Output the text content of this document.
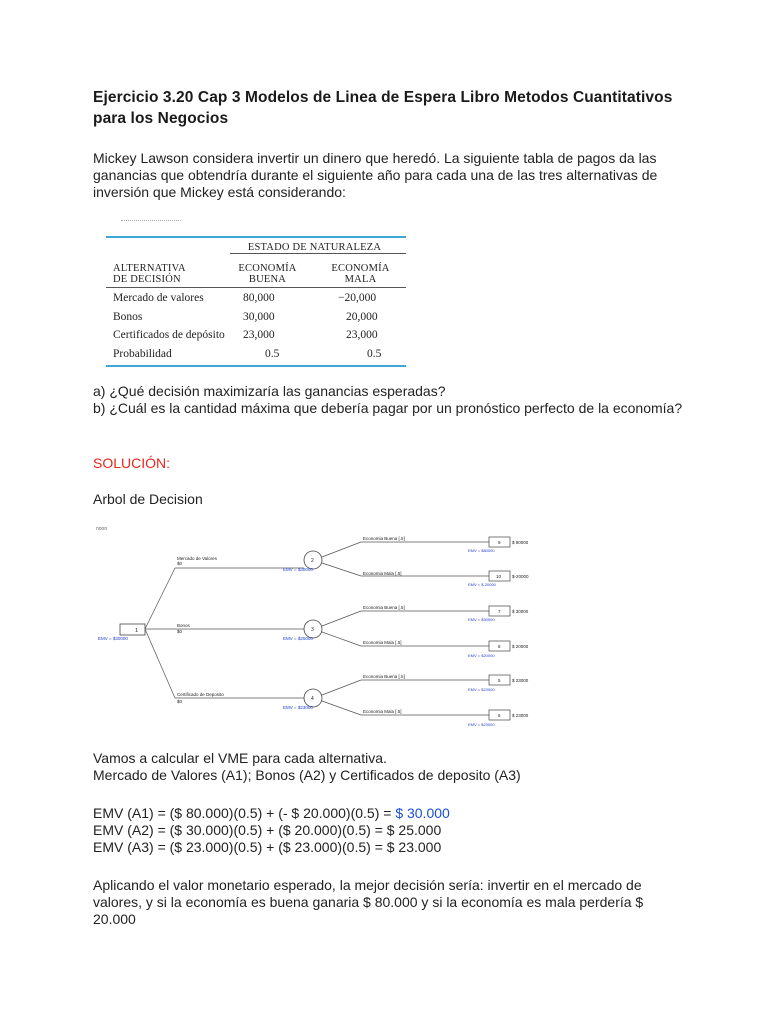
Ejercicio 3.20 Cap 3 Modelos de Linea de Espera Libro Metodos Cuantitativos para los Negocios
Mickey Lawson considera invertir un dinero que heredó. La siguiente tabla de pagos da las ganancias que obtendría durante el siguiente año para cada una de las tres alternativas de inversión que Mickey está considerando:
ESTADO DE NATURALEZA
ALTERNATIVA
DE DECISIÓN
ECONOMÍA
BUENA
ECONOMÍA
MALA
Mercado de valores	80,000	−20,000
Bonos	30,000	20,000
Certificados de depósito 23,000	23,000
Probabilidad	0.5	0.5
a) ¿Qué decisión maximizaría las ganancias esperadas?
b) ¿Cuál es la cantidad máxima que debería pagar por un pronóstico perfecto de la economía?
SOLUCIÓN:
Arbol de Decision
noon
1
EMV = $30000
Mercado de Valores
$0
Bonos
$0
Certificado de Deposito
$0
2
EMV = $30000
3
EMV = $25000
4
EMV = $23000
Economia Buena [.5]
Economia Mala [.5]
Economia Buena [.5]
Economia Mala [.5]
Economia Buena [.5]
Economia Mala [.5]
9	$ 80000
EMV = $80000
10 $-20000
EMV = $-20000
7	$ 30000
EMV = $30000
8	$ 20000
EMV = $20000
5	$ 23000
EMV = $23000
6	$ 23000
EMV = $23000
Vamos a calcular el VME para cada alternativa.
Mercado de Valores (A1); Bonos (A2) y Certificados de deposito (A3)
EMV (A1) = ($ 80.000)(0.5) + (- $ 20.000)(0.5) = $ 30.000
EMV (A2) = ($ 30.000)(0.5) + ($ 20.000)(0.5) = $ 25.000
EMV (A3) = ($ 23.000)(0.5) + ($ 23.000)(0.5) = $ 23.000
Aplicando el valor monetario esperado, la mejor decisión sería: invertir en el mercado de valores, y si la economía es buena ganaria $ 80.000 y si la economía es mala perdería $ 20.000
